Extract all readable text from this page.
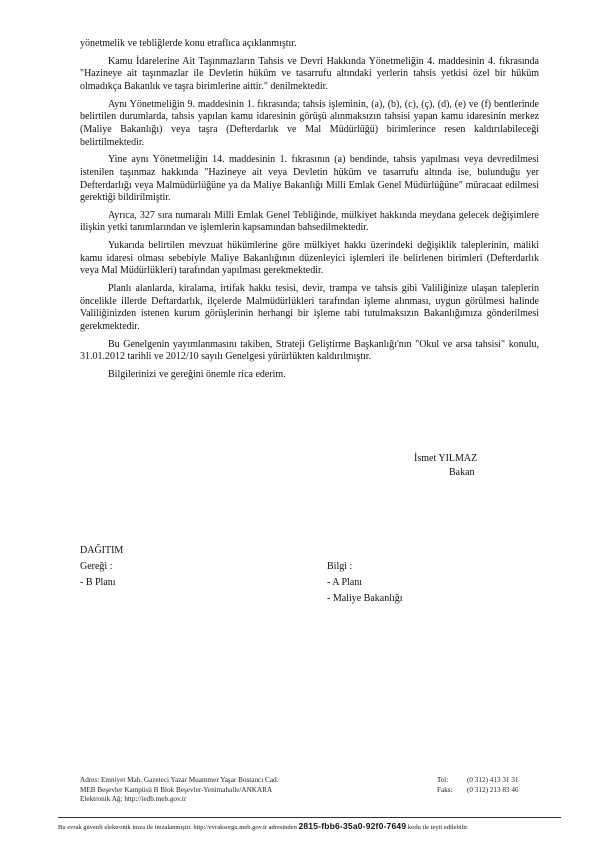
yönetmelik ve tebliğlerde konu etraflıca açıklanmıştır.

Kamu İdarelerine Ait Taşınmazların Tahsis ve Devri Hakkında Yönetmeliğin 4. maddesinin 4. fıkrasında "Hazineye ait taşınmazlar ile Devletin hüküm ve tasarrufu altındaki yerlerin tahsis yetkisi özel bir hüküm olmadıkça Bakanlık ve taşra birimlerine aittir." denilmektedir.

Aynı Yönetmeliğin 9. maddesinin 1. fıkrasında; tahsis işleminin, (a), (b), (c), (ç), (d), (e) ve (f) bentlerinde belirtilen durumlarda, tahsis yapılan kamu idaresinin görüşü alınmaksızın tahsisi yapan kamu idaresinin merkez (Maliye Bakanlığı) veya taşra (Defterdarlık ve Mal Müdürlüğü) birimlerince resen kaldırılabileceği belirtilmektedir.

Yine aynı Yönetmeliğin 14. maddesinin 1. fıkrasının (a) bendinde, tahsis yapılması veya devredilmesi istenilen taşınmaz hakkında "Hazineye ait veya Devletin hüküm ve tasarrufu altında ise, bulunduğu yer Defterdarlığı veya Malmüdürlüğüne ya da Maliye Bakanlığı Milli Emlak Genel Müdürlüğüne" müracaat edilmesi gerektiği bildirilmiştir.

Ayrıca, 327 sıra numaralı Milli Emlak Genel Tebliğinde, mülkiyet hakkında meydana gelecek değişimlere ilişkin yetki tanımlarından ve işlemlerin kapsamından bahsedilmektedir.

Yukarıda belirtilen mevzuat hükümlerine göre mülkiyet hakkı üzerindeki değişiklik taleplerinin, maliki kamu idaresi olması sebebiyle Maliye Bakanlığının düzenleyici işlemleri ile belirlenen birimleri (Defterdarlık veya Mal Müdürlükleri) tarafından yapılması gerekmektedir.

Planlı alanlarda, kiralama, irtifak hakkı tesisi, devir, trampa ve tahsis gibi Valiliğinize ulaşan taleplerin öncelikle illerde Deftardarlık, ilçelerde Malmüdürlükleri tarafından işleme alınması, uygun görülmesi halinde Valiliğinizden istenen kurum görüşlerinin herhangi bir işleme tabi tutulmaksızın Bakanlığımıza gönderilmesi gerekmektedir.

Bu Genelgenin yayımlanmasını takiben, Strateji Geliştirme Başkanlığı'nın "Okul ve arsa tahsisi" konulu, 31.01.2012 tarihli ve 2012/10 sayılı Genelgesi yürürlükten kaldırılmıştır.

Bilgilerinizi ve gereğini önemle rica ederim.

İsmet YILMAZ
Bakan
DAĞITIM
Gereği :
- B Planı
Bilgi :
- A Planı
- Maliye Bakanlığı
Adres: Emniyet Mah. Gazeteci Yazar Muammer Yaşar Bostancı Cad.
MEB Beşevler Kampüsü B Blok Beşevler-Yenimahalle/ANKARA
Elektronik Ağ: http://iedb.meb.gov.tr
Tel:	(0 312) 413 31 31
Faks:	(0 312) 213 83 46
Bu evrak güvenli elektronik imza ile imzalanmıştır. http://evraksorgu.meb.gov.tr adresinden 2815-fbb6-35a0-92f0-7649 kodu ile teyit edilebilir.
